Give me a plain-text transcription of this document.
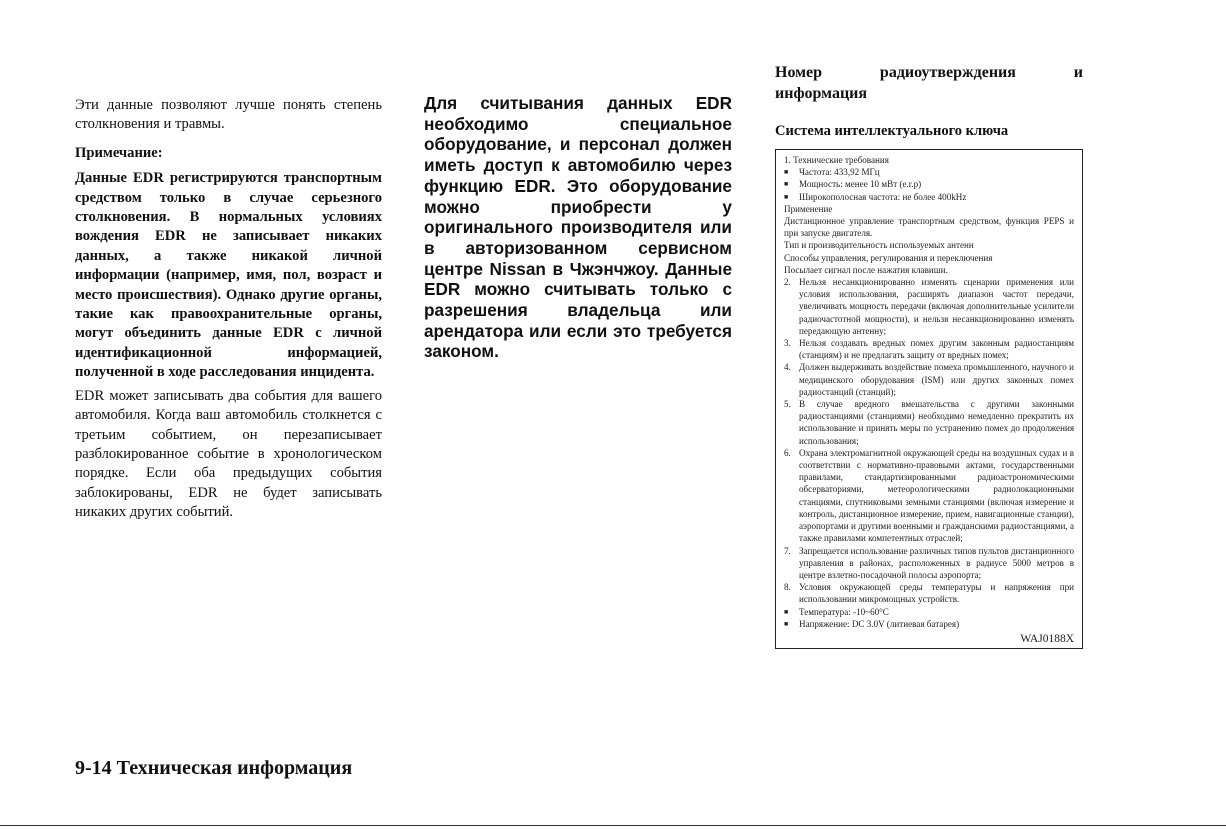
Эти данные позволяют лучше понять степень столкновения и травмы.

Примечание:

Данные EDR регистрируются транспортным средством только в случае серьезного столкновения. В нормальных условиях вождения EDR не записывает никаких данных, а также никакой личной информации (например, имя, пол, возраст и место происшествия). Однако другие органы, такие как правоохранительные органы, могут объединить данные EDR с личной идентификационной информацией, полученной в ходе расследования инцидента.

EDR может записывать два события для вашего автомобиля. Когда ваш автомобиль столкнется с третьим событием, он перезаписывает разблокированное событие в хронологическом порядке. Если оба предыдущих события заблокированы, EDR не будет записывать никаких других событий.

Для считывания данных EDR необходимо специальное оборудование, и персонал должен иметь доступ к автомобилю через функцию EDR. Это оборудование можно приобрести у оригинального производителя или в авторизованном сервисном центре Nissan в Чжэнчжоу. Данные EDR можно считывать только с разрешения владельца или арендатора или если это требуется законом.

Номер радиоутверждения и

информация

Система интеллектуального ключа
1. Технические требования
■	Частота: 433,92 МГц
■	Мощность: менее 10 мВт (e.r.p)
■	Широкополосная частота: не более 400kHz
Применение
Дистанционное управление транспортным средством, функция PEPS и при запуске двигателя.
Тип и производительность используемых антенн
Способы управления, регулирования и переключения
Посылает сигнал после нажатия клавиши.
2. Нельзя несанкционированно изменять сценарии применения или условия использования, расширять диапазон частот передачи, увеличивать мощность передачи (включая дополнительные усилители радиочастотной мощности), и нельзя несанкционированно изменять передающую антенну;
3. Нельзя создавать вредных помех другим законным радиостанциям (станциям) и не предлагать защиту от вредных помех;
4. Должен выдерживать воздействие помеха промышленного, научного и медицинского оборудования (ISM) или других законных помех радиостанций (станций);
5. В случае вредного вмешательства с другими законными радиостанциями (станциями) необходимо немедленно прекратить их использование и принять меры по устранению помех до продолжения использования;
6. Охрана электромагнитной окружающей среды на воздушных судах и в соответствии с нормативно-правовыми актами, государственными правилами, стандартизированными радиоастрономическими обсерваториями, метеорологическими радиолокационными станциями, спутниковыми земными станциями (включая измерение и контроль, дистанционное измерение, прием, навигационные станции), аэропортами и другими военными и гражданскими радиостанциями, а также правилами компетентных отраслей;
7. Запрещается использование различных типов пультов дистанционного управления в районах, расположенных в радиусе 5000 метров в центре взлетно-посадочной полосы аэропорта;
8. Условия окружающей среды температуры и напряжения при использовании микромощных устройств.
■	Температура: -10~60°C
■	Напряжение: DC 3.0V (литиевая батарея)
WAJ0188X
9-14 Техническая информация
